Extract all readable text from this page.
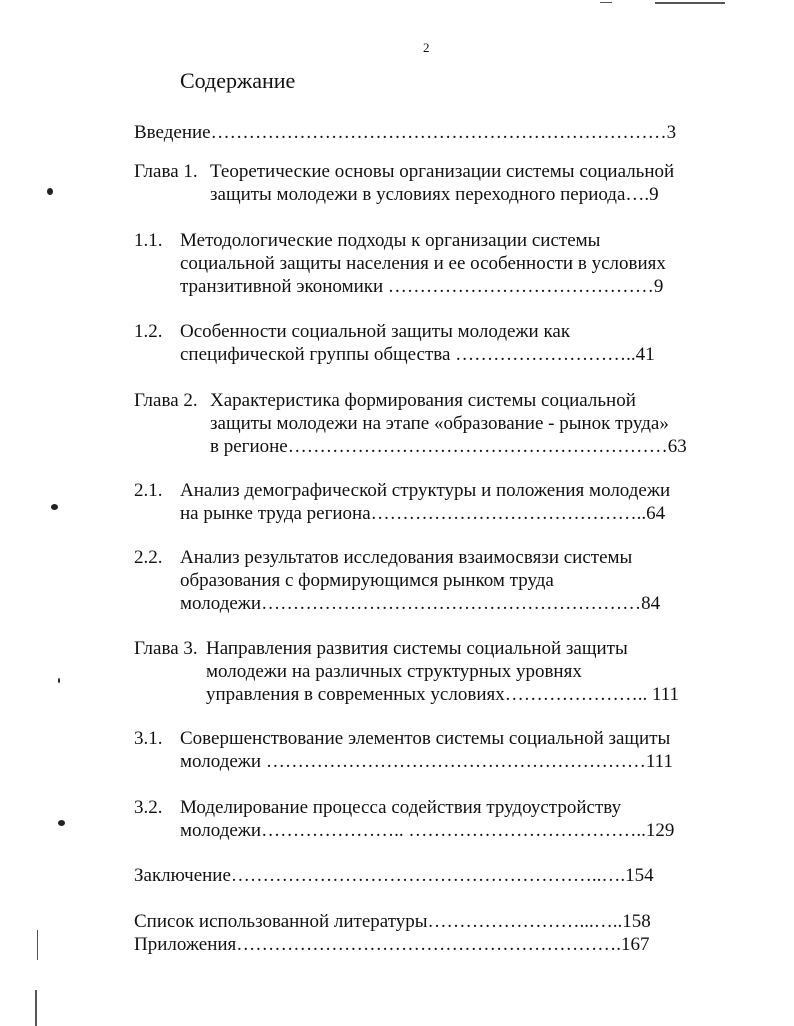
2
Содержание
Введение………………………………………………………………3
Глава 1. Теоретические основы организации системы социальной
защиты молодежи в условиях переходного периода….9
1.1. Методологические подходы к организации системы
социальной защиты населения и ее особенности в условиях
транзитивной экономики ……………………………………9
1.2. Особенности социальной защиты молодежи как
специфической группы общества ………………………..41
Глава 2. Характеристика формирования системы социальной
защиты молодежи на этапе «образование - рынок труда»
в регионе……………………………………………………63
2.1. Анализ демографической структуры и положения молодежи
на рынке труда региона……………………………………..64
2.2. Анализ результатов исследования взаимосвязи системы
образования с формирующимся рынком труда
молодежи……………………………………………………84
Глава 3. Направления развития системы социальной защиты
молодежи на различных структурных уровнях
управления в современных условиях………………….. 111
3.1. Совершенствование элементов системы социальной защиты
молодежи ……………………………………………………111
3.2. Моделирование процесса содействия трудоустройству
молодежи………………….. ………………………………..129
Заключение…………………………………………………..….154
Список использованной литературы……………………...…..158
Приложения…………………………………………………….167
